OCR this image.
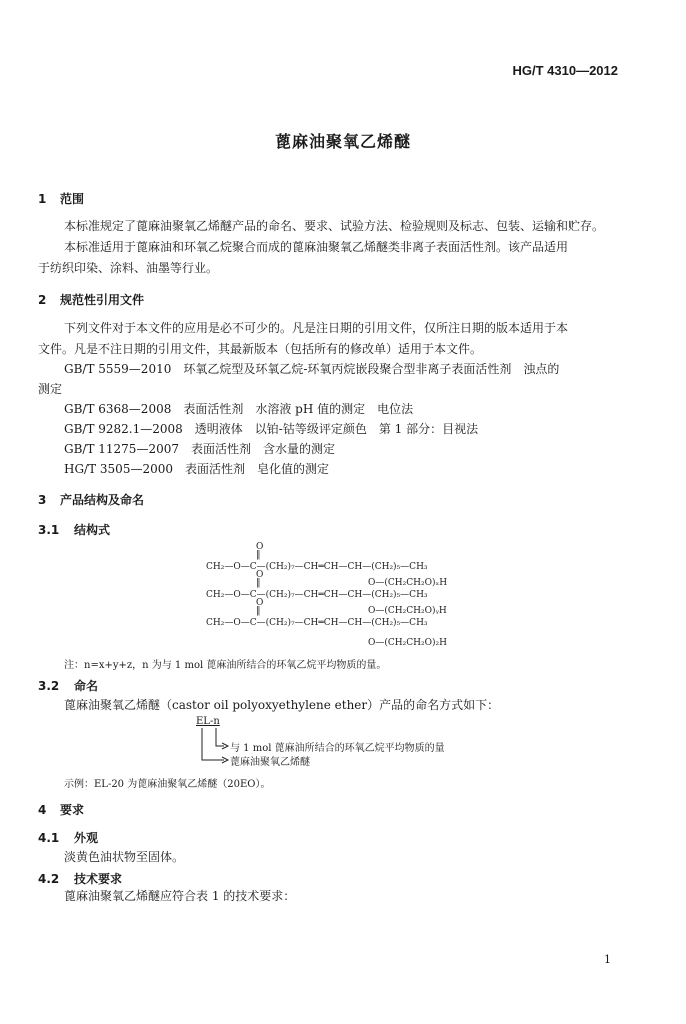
HG/T 4310—2012
蓖麻油聚氧乙烯醚
1 范围
本标准规定了蓖麻油聚氧乙烯醚产品的命名、要求、试验方法、检验规则及标志、包装、运输和贮存。
本标准适用于蓖麻油和环氧乙烷聚合而成的蓖麻油聚氧乙烯醚类非离子表面活性剂。该产品适用
于纺织印染、涂料、油墨等行业。
2 规范性引用文件
下列文件对于本文件的应用是必不可少的。凡是注日期的引用文件，仅所注日期的版本适用于本
文件。凡是不注日期的引用文件，其最新版本（包括所有的修改单）适用于本文件。
GB/T 5559—2010　环氧乙烷型及环氧乙烷-环氧丙烷嵌段聚合型非离子表面活性剂　浊点的
测定
GB/T 6368—2008　表面活性剂　水溶液 pH 值的测定　电位法
GB/T 9282.1—2008　透明液体　以铂-钴等级评定颜色　第 1 部分：目视法
GB/T 11275—2007　表面活性剂　含水量的测定
HG/T 3505—2000　表面活性剂　皂化值的测定
3 产品结构及命名
3.1 结构式
O
‖
CH₂—O—C—(CH₂)₇—CH═CH—CH—(CH₂)₅—CH₃
O
‖	O—(CH₂CH₂O)ₓH
CH₂—O—C—(CH₂)₇—CH═CH—CH—(CH₂)₅—CH₃
O
‖	O—(CH₂CH₂O)ᵧH
CH₂—O—C—(CH₂)₇—CH═CH—CH—(CH₂)₅—CH₃
O—(CH₂CH₂O)₂H
注：n=x+y+z，n 为与 1 mol 蓖麻油所结合的环氧乙烷平均物质的量。
3.2 命名
蓖麻油聚氧乙烯醚（castor oil polyoxyethylene ether）产品的命名方式如下：
EL-n
与 1 mol 蓖麻油所结合的环氧乙烷平均物质的量
蓖麻油聚氧乙烯醚
示例：EL-20 为蓖麻油聚氧乙烯醚（20EO）。
4 要求
4.1 外观
淡黄色油状物至固体。
4.2 技术要求
蓖麻油聚氧乙烯醚应符合表 1 的技术要求：
1
